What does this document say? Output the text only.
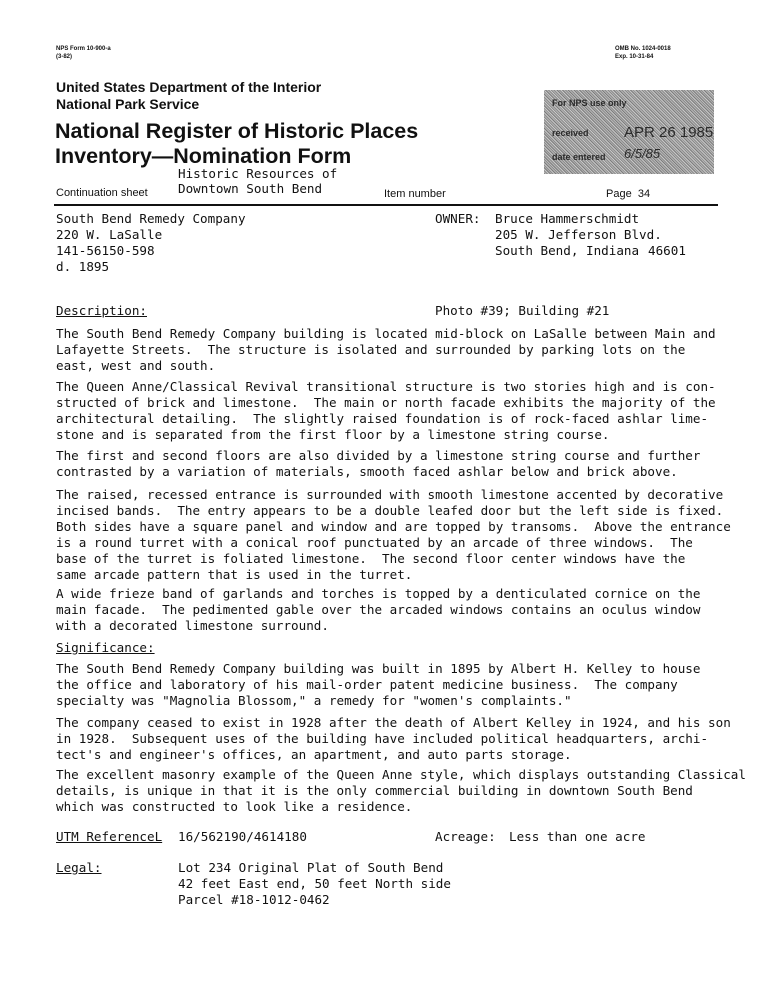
NPS Form 10-900-a
(3-82)
OMB No. 1024-0018
Exp. 10-31-84
United States Department of the Interior
National Park Service
National Register of Historic Places
Inventory—Nomination Form
For NPS use only
received
date entered
APR 26 1985
6/5/85
Historic Resources of
Downtown South Bend
Continuation sheet	Item number	Page 34
South Bend Remedy Company
220 W. LaSalle
141-56150-598
d. 1895
OWNER: Bruce Hammerschmidt
205 W. Jefferson Blvd.
South Bend, Indiana 46601
Description:	Photo #39; Building #21

The South Bend Remedy Company building is located mid-block on LaSalle between Main and
Lafayette Streets.  The structure is isolated and surrounded by parking lots on the
east, west and south.

The Queen Anne/Classical Revival transitional structure is two stories high and is con-
structed of brick and limestone.  The main or north facade exhibits the majority of the
architectural detailing.  The slightly raised foundation is of rock-faced ashlar lime-
stone and is separated from the first floor by a limestone string course.

The first and second floors are also divided by a limestone string course and further
contrasted by a variation of materials, smooth faced ashlar below and brick above.

The raised, recessed entrance is surrounded with smooth limestone accented by decorative
incised bands.  The entry appears to be a double leafed door but the left side is fixed.
Both sides have a square panel and window and are topped by transoms.  Above the entrance
is a round turret with a conical roof punctuated by an arcade of three windows.  The
base of the turret is foliated limestone.  The second floor center windows have the
same arcade pattern that is used in the turret.

A wide frieze band of garlands and torches is topped by a denticulated cornice on the
main facade.  The pedimented gable over the arcaded windows contains an oculus window
with a decorated limestone surround.

Significance:

The South Bend Remedy Company building was built in 1895 by Albert H. Kelley to house
the office and laboratory of his mail-order patent medicine business.  The company
specialty was "Magnolia Blossom," a remedy for "women's complaints."

The company ceased to exist in 1928 after the death of Albert Kelley in 1924, and his son
in 1928.  Subsequent uses of the building have included political headquarters, archi-
tect's and engineer's offices, an apartment, and auto parts storage.

The excellent masonry example of the Queen Anne style, which displays outstanding Classical
details, is unique in that it is the only commercial building in downtown South Bend
which was constructed to look like a residence.

UTM ReferenceL 16/562190/4614180	Acreage: Less than one acre
Legal:	Lot 234 Original Plat of South Bend
42 feet East end, 50 feet North side
Parcel #18-1012-0462
